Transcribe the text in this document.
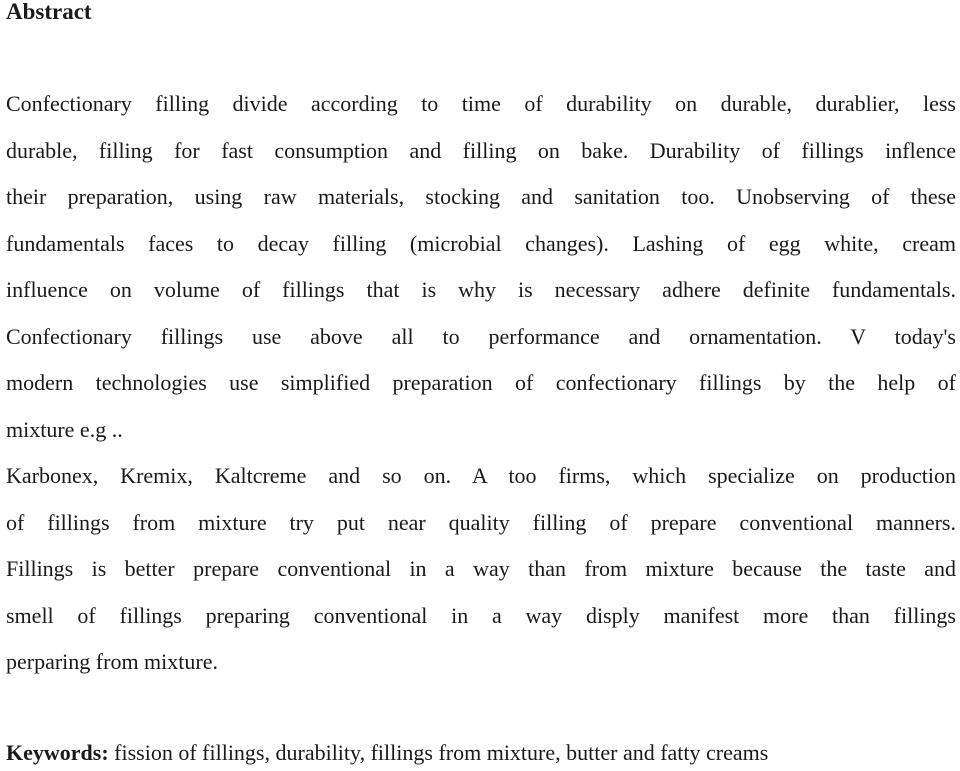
Abstract
Confectionary filling divide according to time of durability on durable, durablier, less
durable, filling for fast consumption and filling on bake. Durability of fillings inflence
their preparation, using raw materials, stocking and sanitation too. Unobserving of these
fundamentals faces to decay filling (microbial changes). Lashing of egg white, cream
influence on volume of fillings that is why is necessary adhere definite fundamentals.
Confectionary fillings use above all to performance and ornamentation. V today's
modern technologies use simplified preparation of confectionary fillings by the help of
mixture e.g ..
Karbonex, Kremix, Kaltcreme and so on. A too firms, which specialize on production
of fillings from mixture try put near quality filling of prepare conventional manners.
Fillings is better prepare conventional in a way than from mixture because the taste and
smell of fillings preparing conventional in a way disply manifest more than fillings
perparing from mixture.
Keywords: fission of fillings, durability, fillings from mixture, butter and fatty creams
